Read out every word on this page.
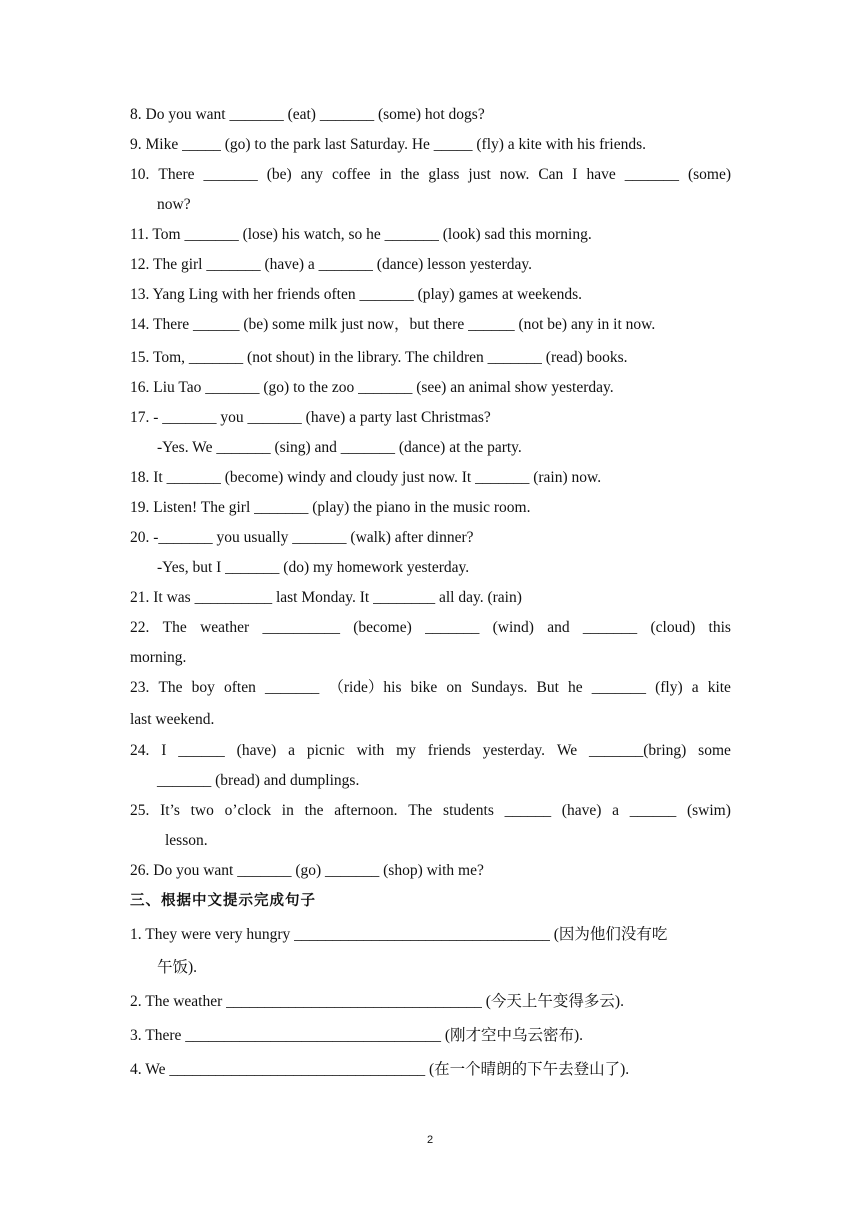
8. Do you want _______ (eat) _______ (some) hot dogs?
9. Mike _____ (go) to the park last Saturday. He _____ (fly) a kite with his friends.
10. There _______ (be) any coffee in the glass just now. Can I have _______ (some)
now?
11. Tom _______ (lose) his watch, so he _______ (look) sad this morning.
12. The girl _______ (have) a _______ (dance) lesson yesterday.
13. Yang Ling with her friends often _______ (play) games at weekends.
14. There ______ (be) some milk just now，but there ______ (not be) any in it now.
15. Tom, _______ (not shout) in the library. The children _______ (read) books.
16. Liu Tao _______ (go) to the zoo _______ (see) an animal show yesterday.
17. - _______ you _______ (have) a party last Christmas?
-Yes. We _______ (sing) and _______ (dance) at the party.
18. It _______ (become) windy and cloudy just now. It _______ (rain) now.
19. Listen! The girl _______ (play) the piano in the music room.
20. -_______ you usually _______ (walk) after dinner?
-Yes, but I _______ (do) my homework yesterday.
21. It was __________ last Monday. It ________ all day. (rain)
22. The weather __________ (become) _______ (wind) and _______ (cloud) this
morning.
23. The boy often _______ （ride）his bike on Sundays. But he _______ (fly) a kite
last weekend.
24. I ______ (have) a picnic with my friends yesterday. We _______(bring) some
_______ (bread) and dumplings.
25. It’s two o’clock in the afternoon. The students ______ (have) a ______ (swim)
lesson.
26. Do you want _______ (go) _______ (shop) with me?
三、根据中文提示完成句子
1. They were very hungry _________________________________ (因为他们没有吃
午饭).
2. The weather _________________________________ (今天上午变得多云).
3. There _________________________________ (刚才空中乌云密布).
4. We _________________________________ (在一个晴朗的下午去登山了).
2
